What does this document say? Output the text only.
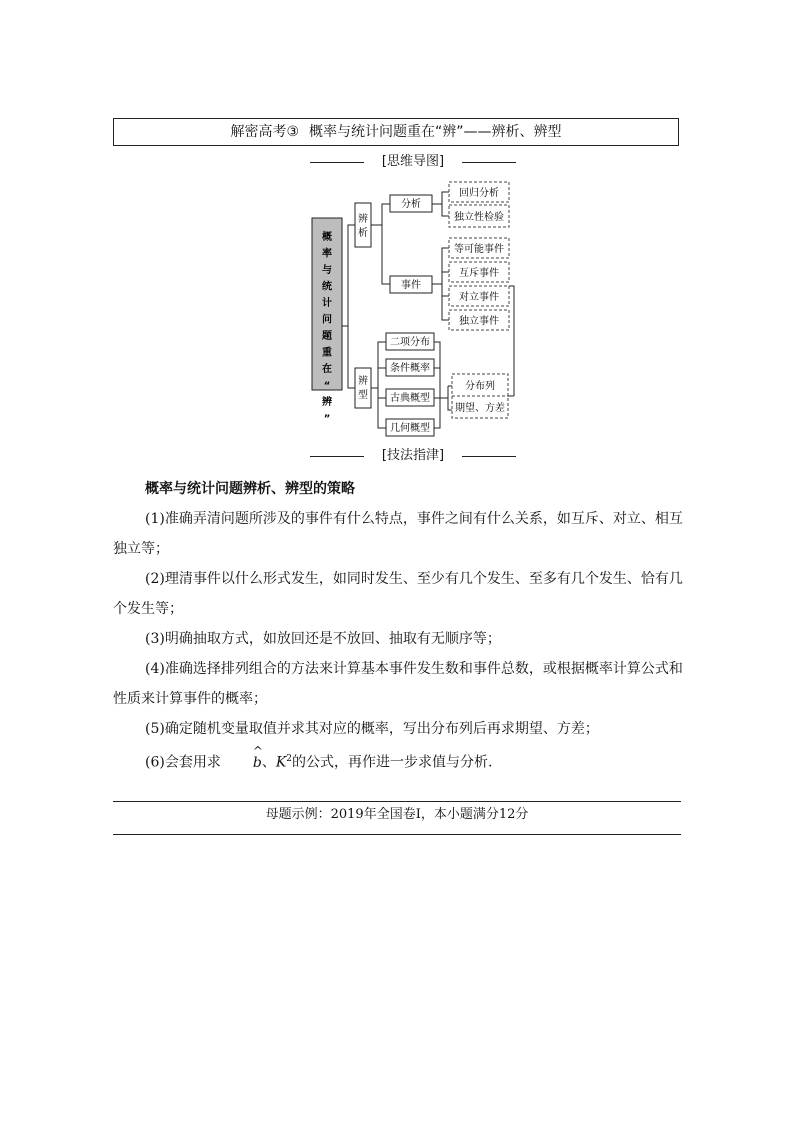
解密高考③ 概率与统计问题重在“辨”——辨析、辨型
[思维导图]
概率与统计问题重在“辨”
辨析
辨型
分析
事件
回归分析
独立性检验
等可能事件
互斥事件
对立事件
独立事件
二项分布
条件概率
古典概型
几何概型
分布列
期望、方差
[技法指津]

概率与统计问题辨析、辨型的策略

(1)准确弄清问题所涉及的事件有什么特点，事件之间有什么关系，如互斥、对立、相互独立等；

(2)理清事件以什么形式发生，如同时发生、至少有几个发生、至多有几个发生、恰有几个发生等；

(3)明确抽取方式，如放回还是不放回、抽取有无顺序等；

(4)准确选择排列组合的方法来计算基本事件发生数和事件总数，或根据概率计算公式和性质来计算事件的概率；

(5)确定随机变量取值并求其对应的概率，写出分布列后再求期望、方差；

(6)会套用求^ b、$K^2$的公式，再作进一步求值与分析.

母题示例：2019年全国卷Ⅰ，本小题满分12分
